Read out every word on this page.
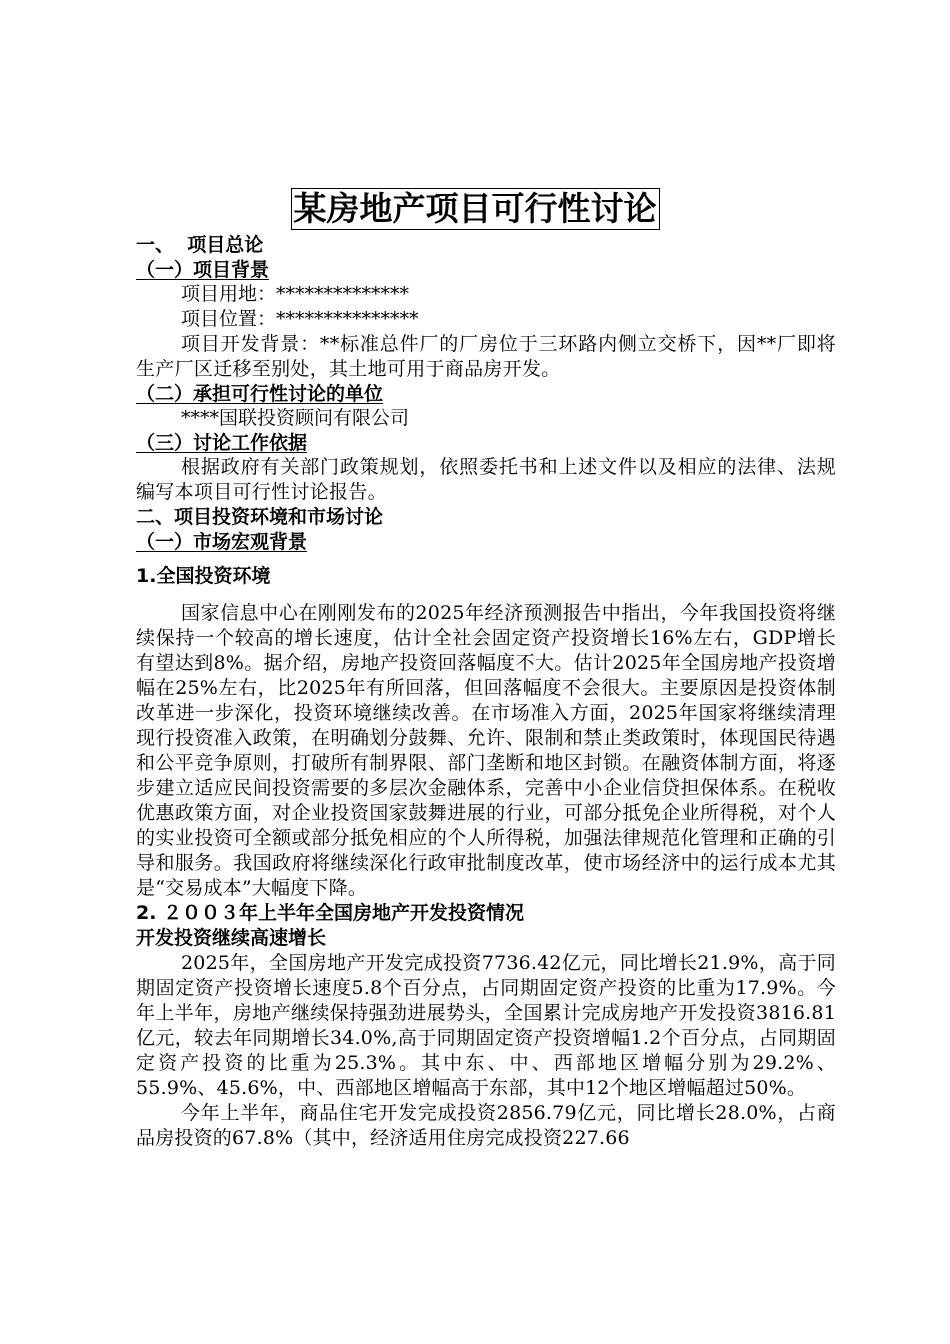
某房地产项目可行性讨论
一、  项目总论
（一）项目背景
项目用地：**************
项目位置：***************
项目开发背景：**标准总件厂的厂房位于三环路内侧立交桥下，因**厂即将生产厂区迁移至别处，其土地可用于商品房开发。
（二）承担可行性讨论的单位
****国联投资顾问有限公司
（三）讨论工作依据
根据政府有关部门政策规划，依照委托书和上述文件以及相应的法律、法规编写本项目可行性讨论报告。
二、项目投资环境和市场讨论
（一）市场宏观背景
1.全国投资环境
国家信息中心在刚刚发布的2025年经济预测报告中指出，今年我国投资将继续保持一个较高的增长速度，估计全社会固定资产投资增长16%左右，GDP增长有望达到8%。据介绍，房地产投资回落幅度不大。估计2025年全国房地产投资增幅在25%左右，比2025年有所回落，但回落幅度不会很大。主要原因是投资体制改革进一步深化，投资环境继续改善。在市场准入方面，2025年国家将继续清理现行投资准入政策，在明确划分鼓舞、允许、限制和禁止类政策时，体现国民待遇和公平竞争原则，打破所有制界限、部门垄断和地区封锁。在融资体制方面，将逐步建立适应民间投资需要的多层次金融体系，完善中小企业信贷担保体系。在税收优惠政策方面，对企业投资国家鼓舞进展的行业，可部分抵免企业所得税，对个人的实业投资可全额或部分抵免相应的个人所得税，加强法律规范化管理和正确的引导和服务。我国政府将继续深化行政审批制度改革，使市场经济中的运行成本尤其是“交易成本”大幅度下降。
2. ２００３年上半年全国房地产开发投资情况
开发投资继续高速增长
2025年，全国房地产开发完成投资7736.42亿元，同比增长21.9%，高于同期固定资产投资增长速度5.8个百分点，占同期固定资产投资的比重为17.9%。今年上半年，房地产继续保持强劲进展势头，全国累计完成房地产开发投资3816.81亿元，较去年同期增长34.0%,高于同期固定资产投资增幅1.2个百分点，占同期固定资产投资的比重为25.3%。其中东、中、西部地区增幅分别为29.2%、55.9%、45.6%，中、西部地区增幅高于东部，其中12个地区增幅超过50%。
今年上半年，商品住宅开发完成投资2856.79亿元，同比增长28.0%，占商品房投资的67.8%（其中，经济适用住房完成投资227.66
